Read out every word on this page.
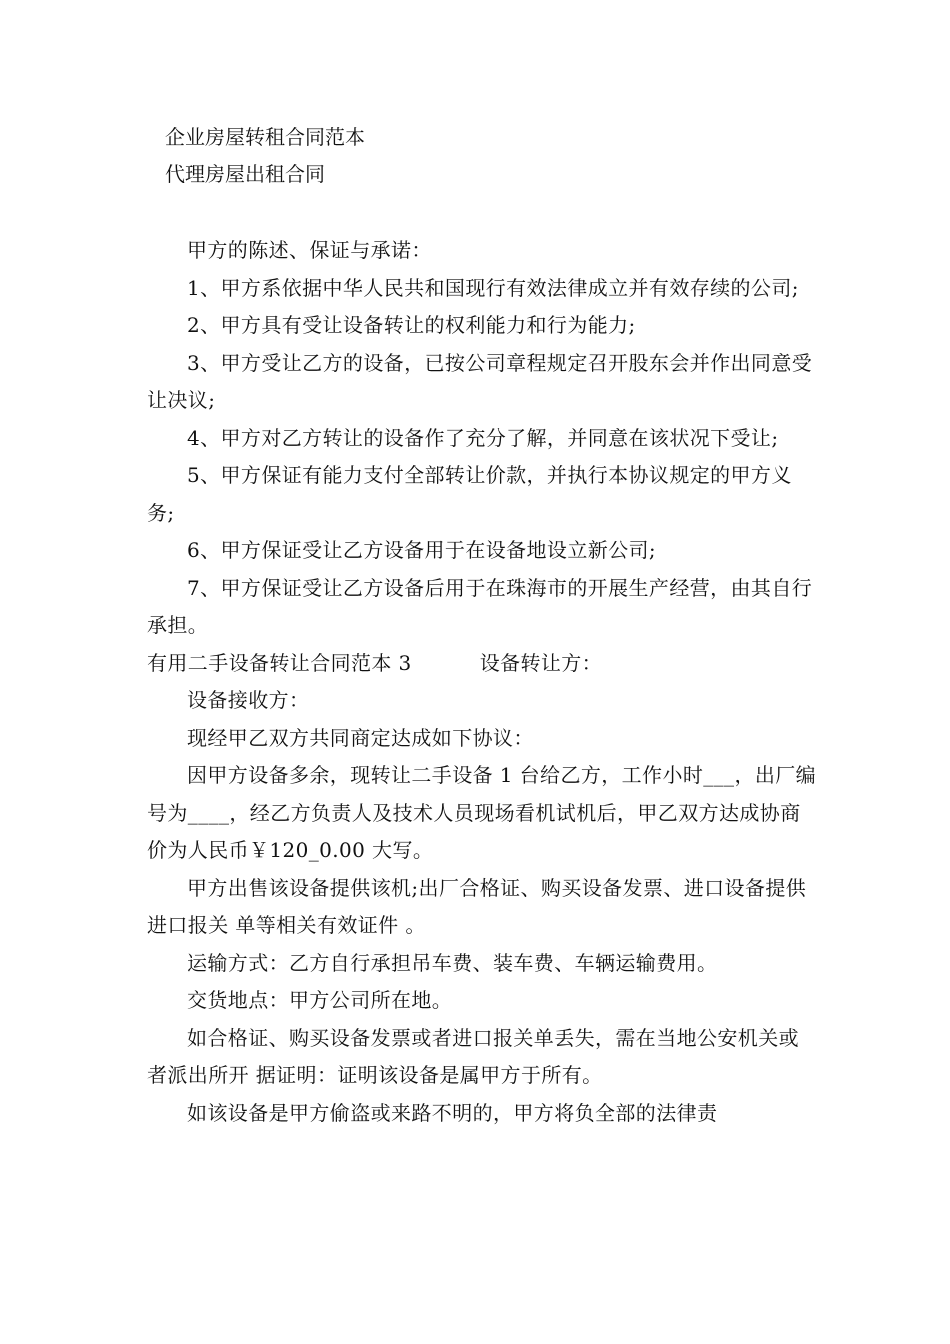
企业房屋转租合同范本
代理房屋出租合同

甲方的陈述、保证与承诺：

1、甲方系依据中华人民共和国现行有效法律成立并有效存续的公司;

2、甲方具有受让设备转让的权利能力和行为能力;

3、甲方受让乙方的设备，已按公司章程规定召开股东会并作出同意受让决议;

4、甲方对乙方转让的设备作了充分了解，并同意在该状况下受让;

5、甲方保证有能力支付全部转让价款，并执行本协议规定的甲方义务;

6、甲方保证受让乙方设备用于在设备地设立新公司;

7、甲方保证受让乙方设备后用于在珠海市的开展生产经营，由其自行承担。

有用二手设备转让合同范本 3	设备转让方：

设备接收方：

现经甲乙双方共同商定达成如下协议：

因甲方设备多余，现转让二手设备 1 台给乙方，工作小时___，出厂编号为____，经乙方负责人及技术人员现场看机试机后，甲乙双方达成协商价为人民币￥120_0.00 大写。

甲方出售该设备提供该机;出厂合格证、购买设备发票、进口设备提供进口报关 单等相关有效证件 。

运输方式：乙方自行承担吊车费、装车费、车辆运输费用。

交货地点：甲方公司所在地。

如合格证、购买设备发票或者进口报关单丢失，需在当地公安机关或者派出所开 据证明：证明该设备是属甲方于所有。

如该设备是甲方偷盗或来路不明的，甲方将负全部的法律责
